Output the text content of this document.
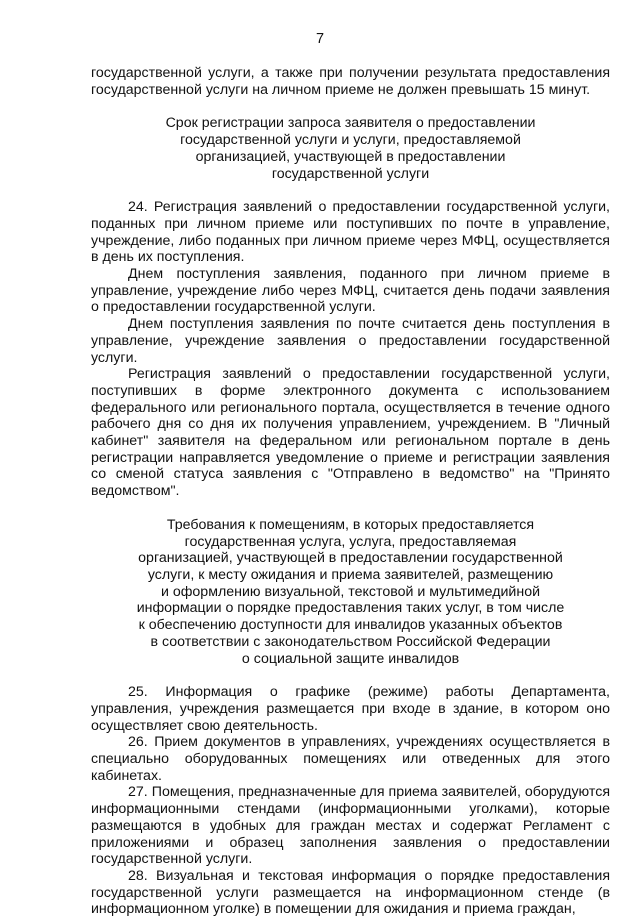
7

государственной услуги, а также при получении результата предоставления государственной услуги на личном приеме не должен превышать 15 минут.

Срок регистрации запроса заявителя о предоставлении
государственной услуги и услуги, предоставляемой
организацией, участвующей в предоставлении
государственной услуги

24. Регистрация заявлений о предоставлении государственной услуги, поданных при личном приеме или поступивших по почте в управление, учреждение, либо поданных при личном приеме через МФЦ, осуществляется в день их поступления.

Днем поступления заявления, поданного при личном приеме в управление, учреждение либо через МФЦ, считается день подачи заявления о предоставлении государственной услуги.

Днем поступления заявления по почте считается день поступления в управление, учреждение заявления о предоставлении государственной услуги.

Регистрация заявлений о предоставлении государственной услуги, поступивших в форме электронного документа с использованием федерального или регионального портала, осуществляется в течение одного рабочего дня со дня их получения управлением, учреждением. В "Личный кабинет" заявителя на федеральном или региональном портале в день регистрации направляется уведомление о приеме и регистрации заявления со сменой статуса заявления с "Отправлено в ведомство" на "Принято ведомством".

Требования к помещениям, в которых предоставляется
государственная услуга, услуга, предоставляемая
организацией, участвующей в предоставлении государственной
услуги, к месту ожидания и приема заявителей, размещению
и оформлению визуальной, текстовой и мультимедийной
информации о порядке предоставления таких услуг, в том числе
к обеспечению доступности для инвалидов указанных объектов
в соответствии с законодательством Российской Федерации
о социальной защите инвалидов

25. Информация о графике (режиме) работы Департамента, управления, учреждения размещается при входе в здание, в котором оно осуществляет свою деятельность.

26. Прием документов в управлениях, учреждениях осуществляется в специально оборудованных помещениях или отведенных для этого кабинетах.

27. Помещения, предназначенные для приема заявителей, оборудуются информационными стендами (информационными уголками), которые размещаются в удобных для граждан местах и содержат Регламент с приложениями и образец заполнения заявления о предоставлении государственной услуги.

28. Визуальная и текстовая информация о порядке предоставления государственной услуги размещается на информационном стенде (в информационном уголке) в помещении для ожидания и приема граждан,
